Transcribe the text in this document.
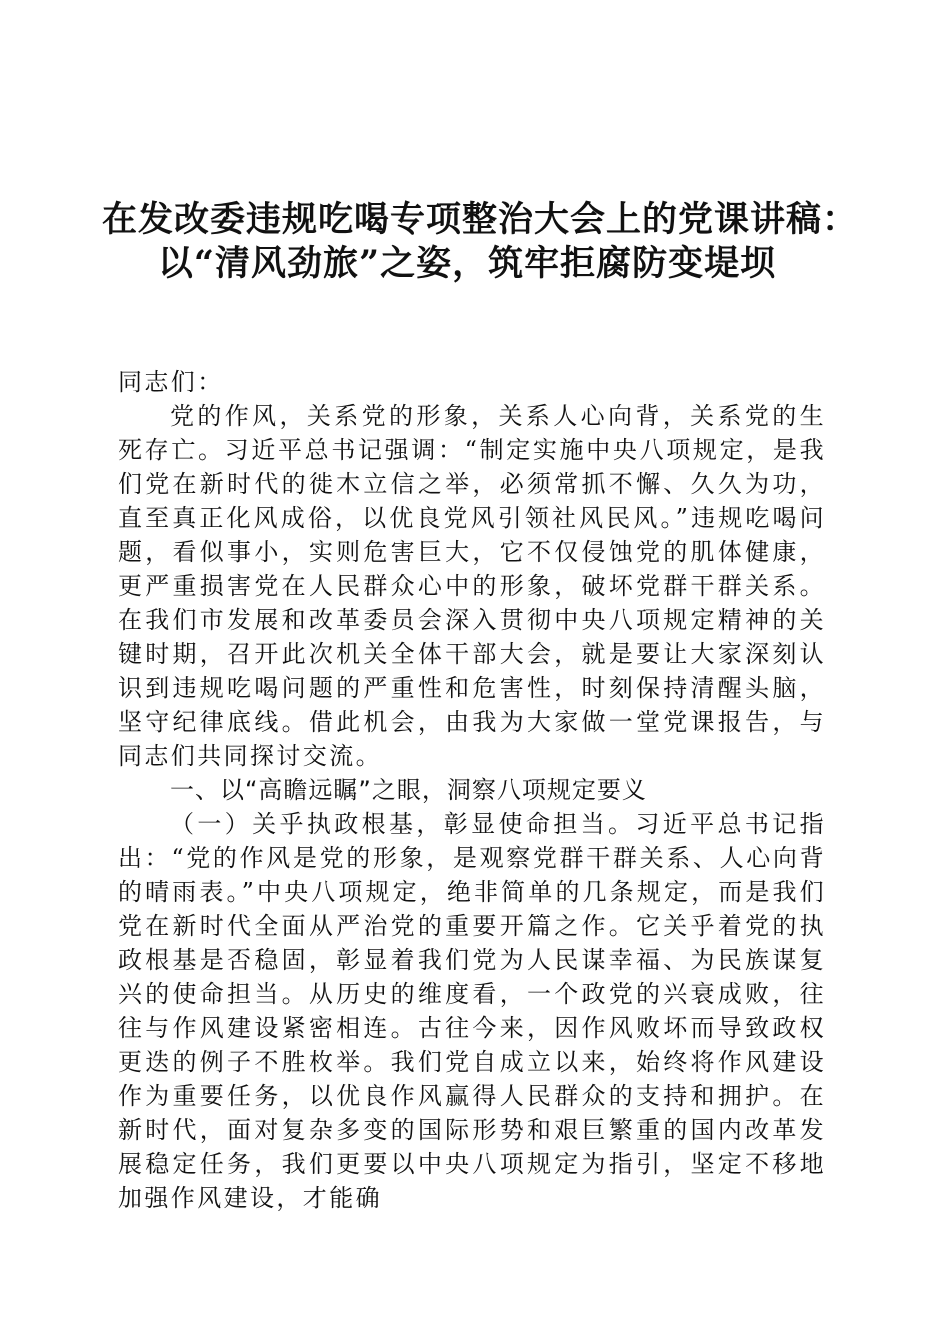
在发改委违规吃喝专项整治大会上的党课讲稿：
以“清风劲旅”之姿，筑牢拒腐防变堤坝

同志们：

党的作风，关系党的形象，关系人心向背，关系党的生死存亡。习近平总书记强调：“制定实施中央八项规定，是我们党在新时代的徙木立信之举，必须常抓不懈、久久为功，直至真正化风成俗，以优良党风引领社风民风。”违规吃喝问题，看似事小，实则危害巨大，它不仅侵蚀党的肌体健康，更严重损害党在人民群众心中的形象，破坏党群干群关系。在我们市发展和改革委员会深入贯彻中央八项规定精神的关键时期，召开此次机关全体干部大会，就是要让大家深刻认识到违规吃喝问题的严重性和危害性，时刻保持清醒头脑，坚守纪律底线。借此机会，由我为大家做一堂党课报告，与同志们共同探讨交流。

一、以“高瞻远瞩”之眼，洞察八项规定要义

（一）关乎执政根基，彰显使命担当。习近平总书记指出：“党的作风是党的形象，是观察党群干群关系、人心向背的晴雨表。”中央八项规定，绝非简单的几条规定，而是我们党在新时代全面从严治党的重要开篇之作。它关乎着党的执政根基是否稳固，彰显着我们党为人民谋幸福、为民族谋复兴的使命担当。从历史的维度看，一个政党的兴衰成败，往往与作风建设紧密相连。古往今来，因作风败坏而导致政权更迭的例子不胜枚举。我们党自成立以来，始终将作风建设作为重要任务，以优良作风赢得人民群众的支持和拥护。在新时代，面对复杂多变的国际形势和艰巨繁重的国内改革发展稳定任务，我们更要以中央八项规定为指引，坚定不移地加强作风建设，才能确
